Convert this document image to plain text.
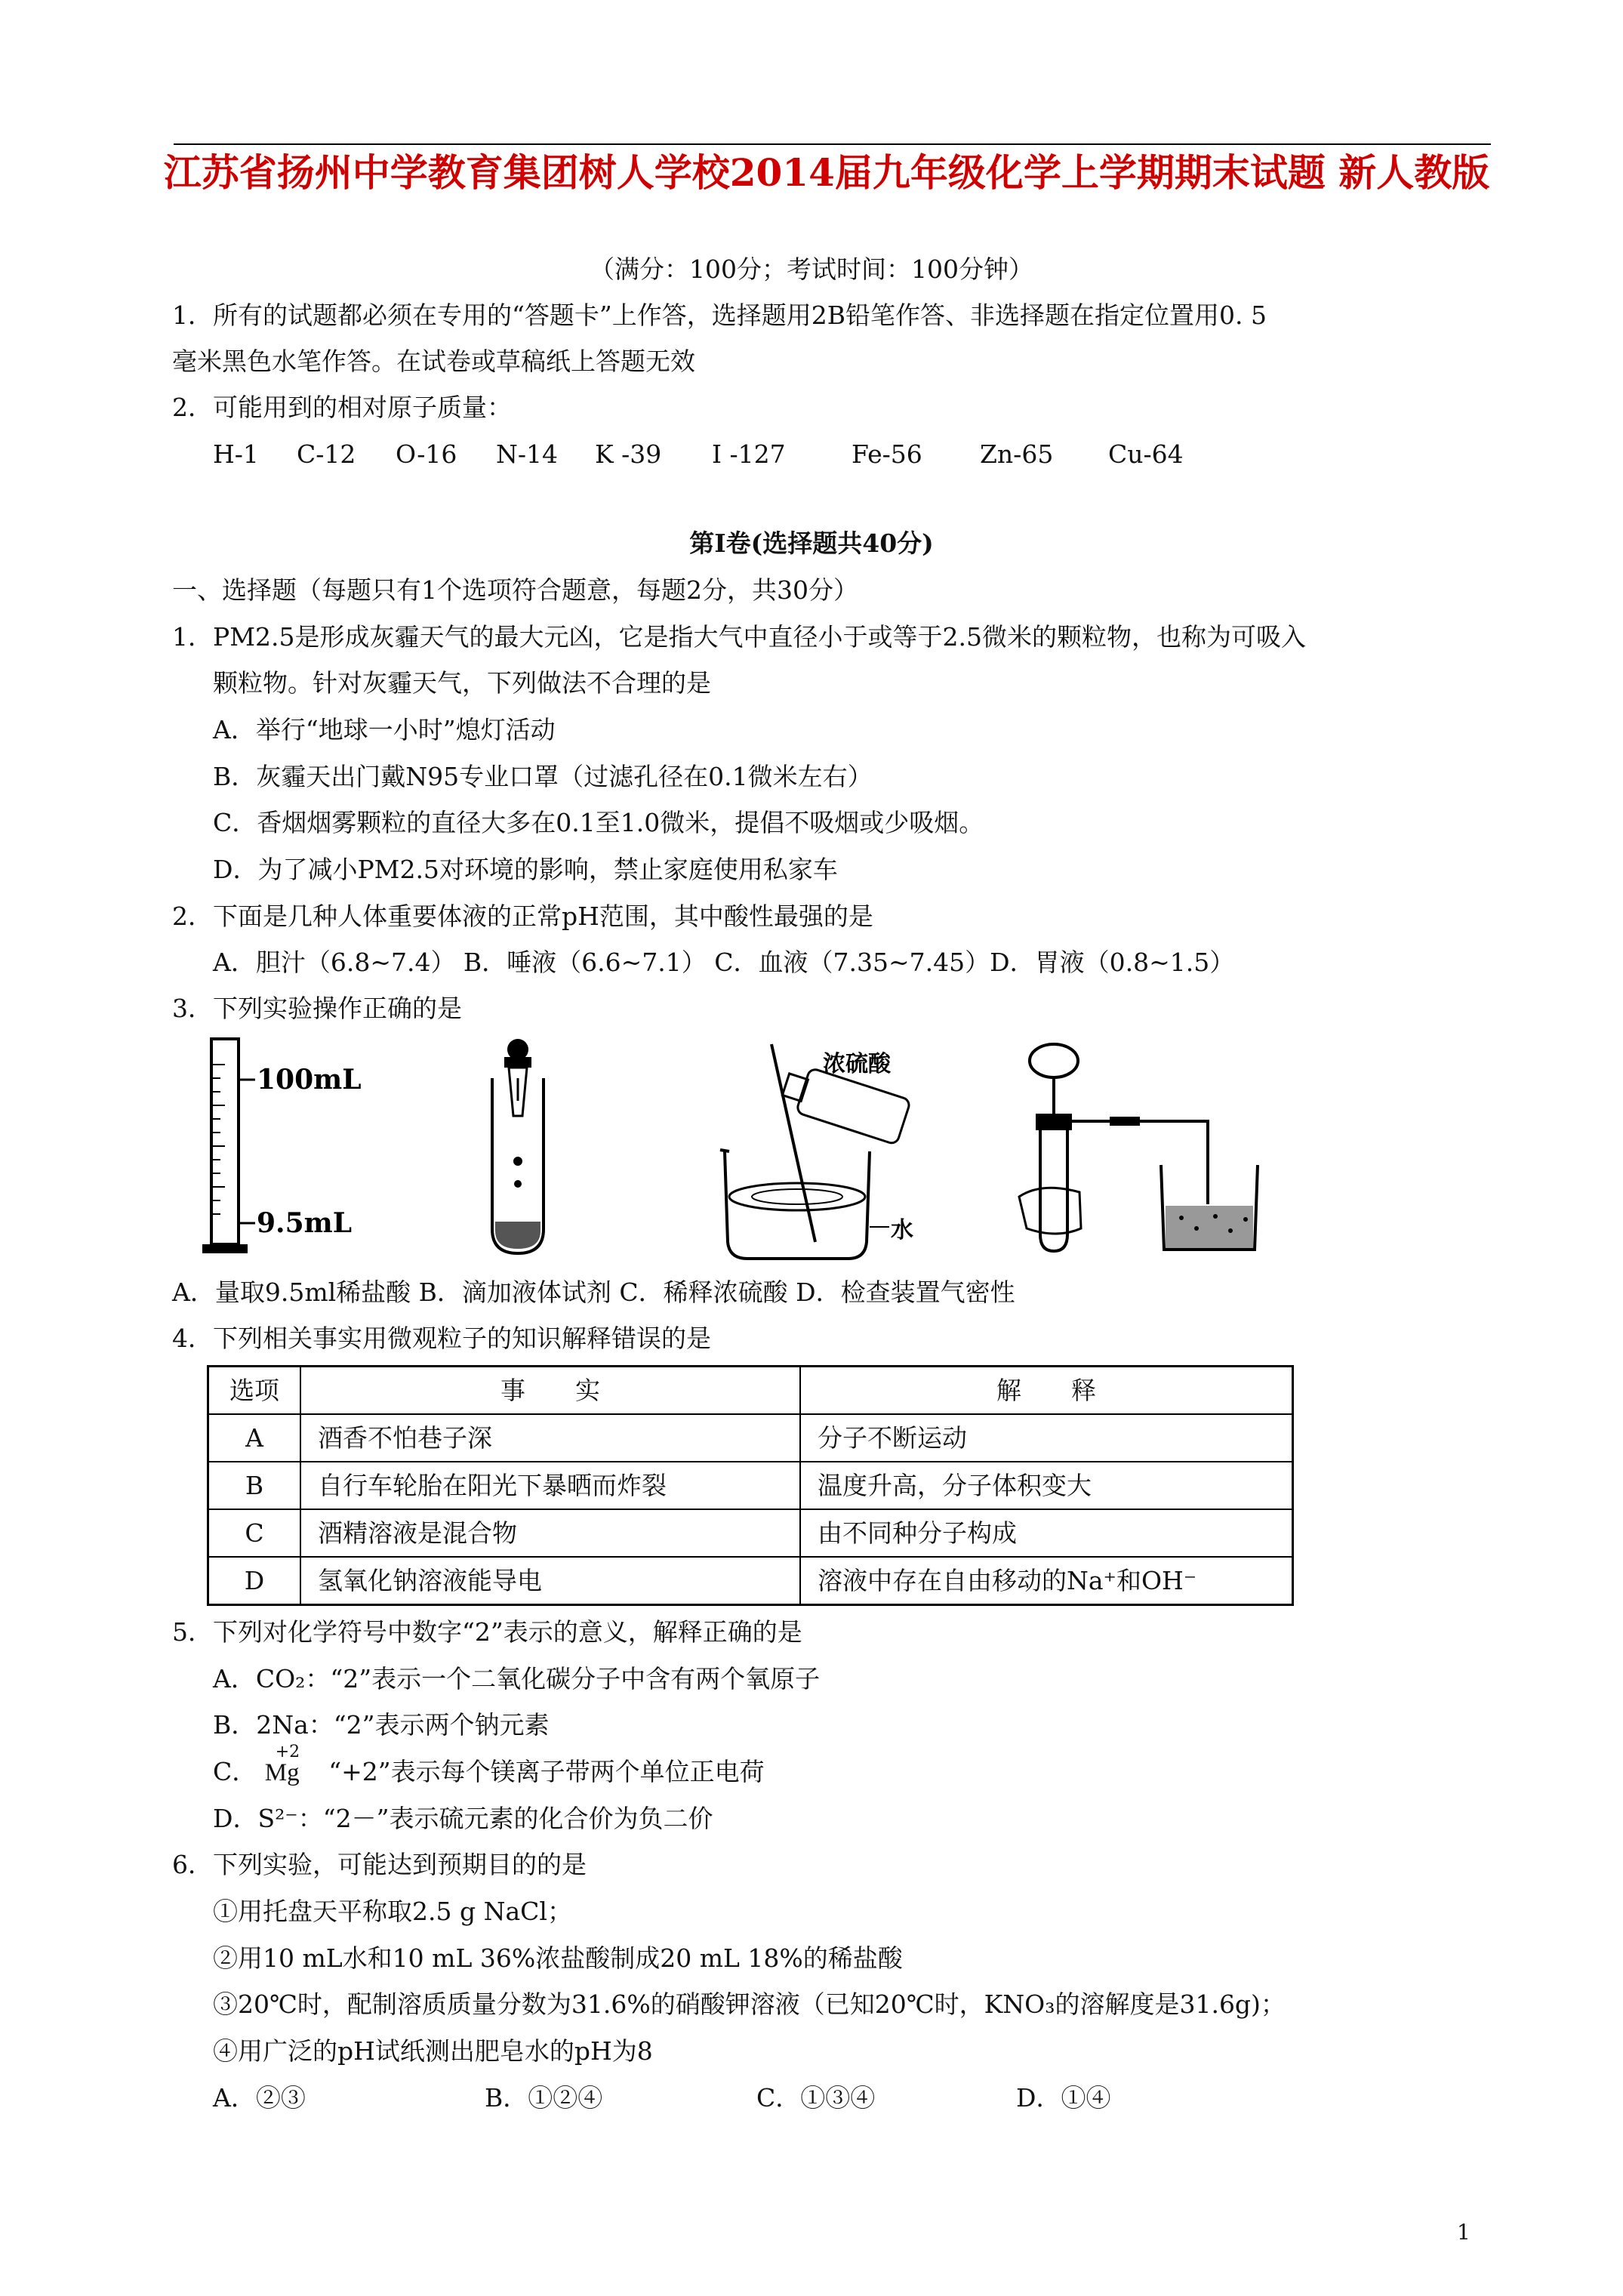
江苏省扬州中学教育集团树人学校2014届九年级化学上学期期末试题 新人教版
（满分：100分；考试时间：100分钟）
1．所有的试题都必须在专用的“答题卡”上作答，选择题用2B铅笔作答、非选择题在指定位置用0. 5
毫米黑色水笔作答。在试卷或草稿纸上答题无效
2．可能用到的相对原子质量：
H-1 C-12 O-16 N-14 K -39 I -127	Fe-56 Zn-65 Cu-64
第Ⅰ卷(选择题共40分)
一、选择题（每题只有1个选项符合题意，每题2分，共30分）
1．PM2.5是形成灰霾天气的最大元凶，它是指大气中直径小于或等于2.5微米的颗粒物，也称为可吸入
颗粒物。针对灰霾天气，下列做法不合理的是
A．举行“地球一小时”熄灯活动
B．灰霾天出门戴N95专业口罩（过滤孔径在0.1微米左右）
C．香烟烟雾颗粒的直径大多在0.1至1.0微米，提倡不吸烟或少吸烟。
D．为了减小PM2.5对环境的影响，禁止家庭使用私家车
2．下面是几种人体重要体液的正常pH范围，其中酸性最强的是
A．胆汁（6.8~7.4） B．唾液（6.6~7.1） C．血液（7.35~7.45）D．胃液（0.8~1.5）
3．下列实验操作正确的是
100mL
9.5mL
浓硫酸
水
A．量取9.5ml稀盐酸 B．滴加液体试剂 C．稀释浓硫酸 D．检查装置气密性
4．下列相关事实用微观粒子的知识解释错误的是
选项	事　　实	解　　释
A	酒香不怕巷子深	分子不断运动
B	自行车轮胎在阳光下暴晒而炸裂	温度升高，分子体积变大
C	酒精溶液是混合物	由不同种分子构成
D	氢氧化钠溶液能导电	溶液中存在自由移动的Na⁺和OH⁻
5．下列对化学符号中数字“2”表示的意义，解释正确的是
A．CO₂：“2”表示一个二氧化碳分子中含有两个氧原子
B．2Na：“2”表示两个钠元素
C．
+2
Mg “+2”表示每个镁离子带两个单位正电荷
D．S²⁻：“2－”表示硫元素的化合价为负二价
6．下列实验，可能达到预期目的的是
①用托盘天平称取2.5 g NaCl；
②用10 mL水和10 mL 36%浓盐酸制成20 mL 18%的稀盐酸
③20℃时，配制溶质质量分数为31.6%的硝酸钾溶液（已知20℃时，KNO₃的溶解度是31.6g)；
④用广泛的pH试纸测出肥皂水的pH为8
A．②③	B．①②④	C．①③④	D．①④
1
